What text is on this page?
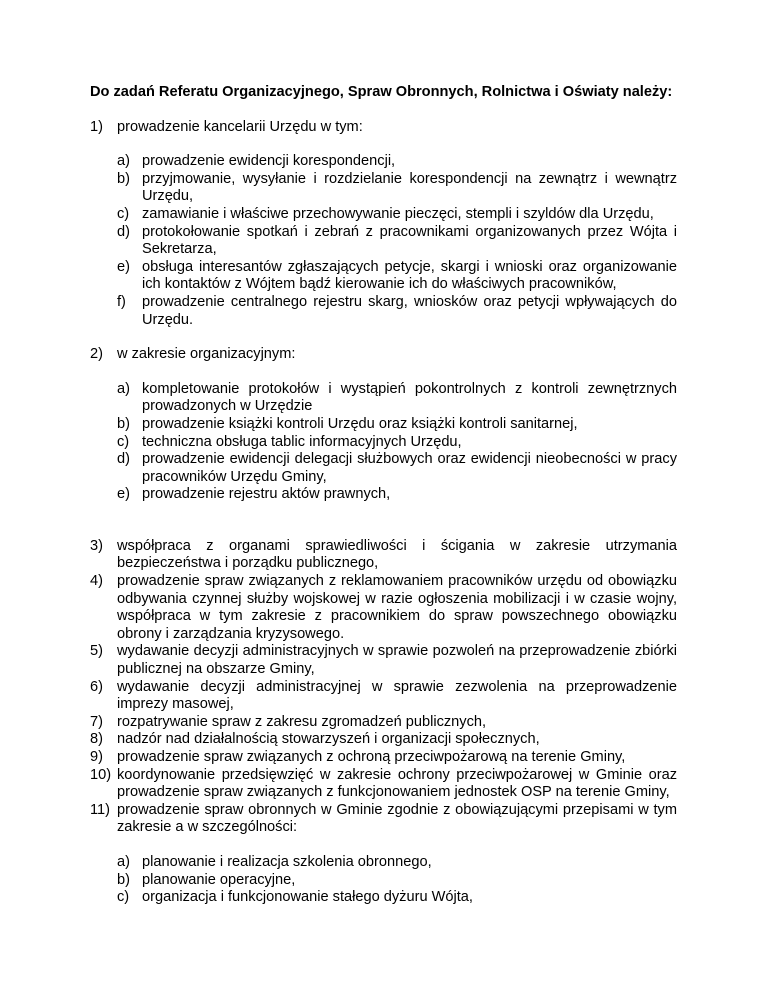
Do zadań Referatu Organizacyjnego, Spraw Obronnych, Rolnictwa i Oświaty należy:

1) prowadzenie kancelarii Urzędu w tym:
a) prowadzenie ewidencji korespondencji,
b) przyjmowanie, wysyłanie i rozdzielanie korespondencji na zewnątrz i wewnątrz Urzędu,
c) zamawianie i właściwe przechowywanie pieczęci, stempli i szyldów dla Urzędu,
d) protokołowanie spotkań i zebrań z pracownikami organizowanych przez Wójta i Sekretarza,
e) obsługa interesantów zgłaszających petycje, skargi i wnioski oraz organizowanie ich kontaktów z Wójtem bądź kierowanie ich do właściwych pracowników,
f)	prowadzenie centralnego rejestru skarg, wniosków oraz petycji wpływających do Urzędu.
2) w zakresie organizacyjnym:
a) kompletowanie protokołów i wystąpień pokontrolnych z kontroli zewnętrznych prowadzonych w Urzędzie
b) prowadzenie książki kontroli Urzędu oraz książki kontroli sanitarnej,
c) techniczna obsługa tablic informacyjnych Urzędu,
d) prowadzenie ewidencji delegacji służbowych oraz ewidencji nieobecności w pracy pracowników Urzędu Gminy,
e) prowadzenie rejestru aktów prawnych,
3) współpraca z organami sprawiedliwości i ścigania w zakresie utrzymania bezpieczeństwa i porządku publicznego,
4) prowadzenie spraw związanych z reklamowaniem pracowników urzędu od obowiązku odbywania czynnej służby wojskowej w razie ogłoszenia mobilizacji i w czasie wojny, współpraca w tym zakresie z pracownikiem do spraw powszechnego obowiązku obrony i zarządzania kryzysowego.
5) wydawanie decyzji administracyjnych w sprawie pozwoleń na przeprowadzenie zbiórki publicznej na obszarze Gminy,
6) wydawanie decyzji administracyjnej w sprawie zezwolenia na przeprowadzenie imprezy masowej,
7) rozpatrywanie spraw z zakresu zgromadzeń publicznych,
8) nadzór nad działalnością stowarzyszeń i organizacji społecznych,
9) prowadzenie spraw związanych z ochroną przeciwpożarową na terenie Gminy,
10) koordynowanie przedsięwzięć w zakresie ochrony przeciwpożarowej w Gminie oraz prowadzenie spraw związanych z funkcjonowaniem jednostek OSP na terenie Gminy,
11) prowadzenie spraw obronnych w Gminie zgodnie z obowiązującymi przepisami w tym zakresie a w szczególności:
a) planowanie i realizacja szkolenia obronnego,
b) planowanie operacyjne,
c) organizacja i funkcjonowanie stałego dyżuru Wójta,
